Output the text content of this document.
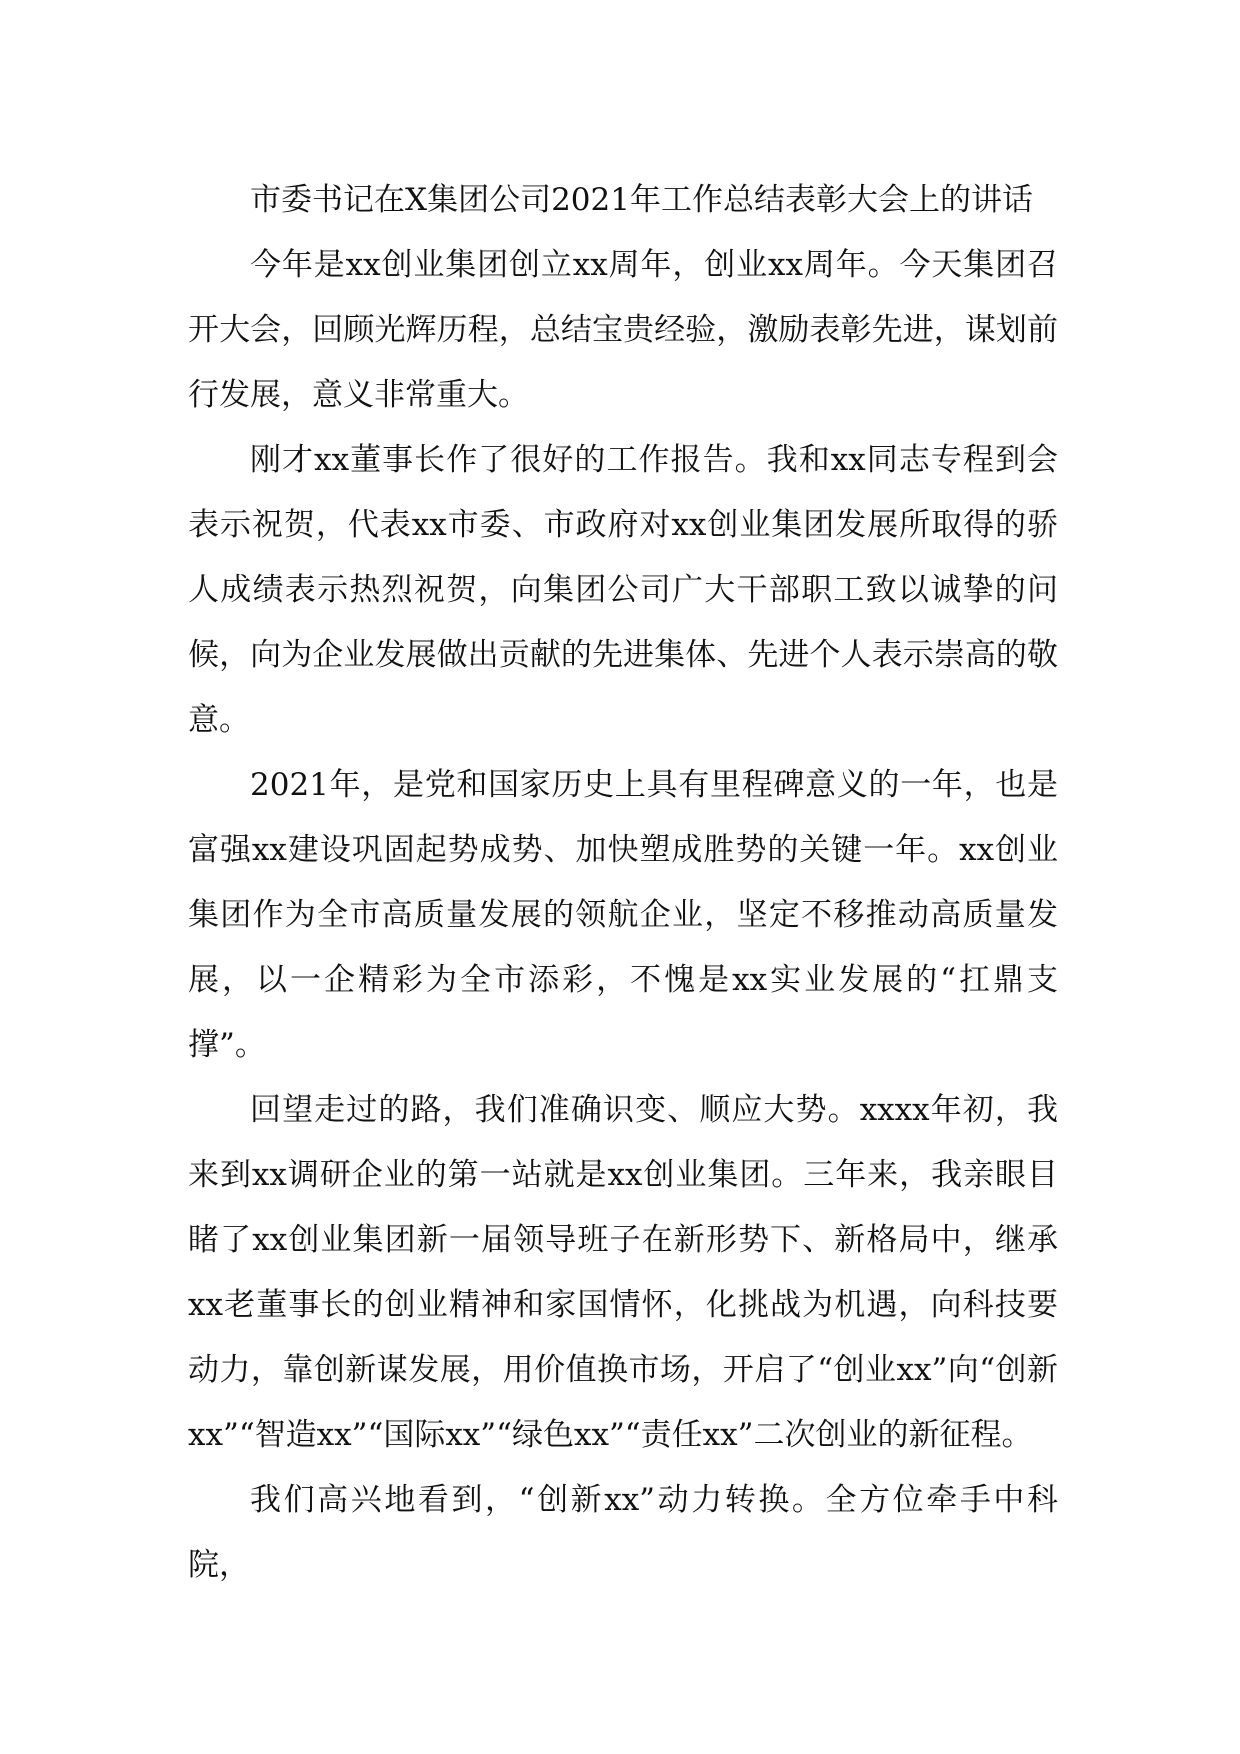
市委书记在X集团公司2021年工作总结表彰大会上的讲话

今年是xx创业集团创立xx周年，创业xx周年。今天集团召开大会，回顾光辉历程，总结宝贵经验，激励表彰先进，谋划前行发展，意义非常重大。

刚才xx董事长作了很好的工作报告。我和xx同志专程到会表示祝贺，代表xx市委、市政府对xx创业集团发展所取得的骄人成绩表示热烈祝贺，向集团公司广大干部职工致以诚挚的问候，向为企业发展做出贡献的先进集体、先进个人表示崇高的敬意。

2021年，是党和国家历史上具有里程碑意义的一年，也是富强xx建设巩固起势成势、加快塑成胜势的关键一年。xx创业集团作为全市高质量发展的领航企业，坚定不移推动高质量发展，以一企精彩为全市添彩，不愧是xx实业发展的“扛鼎支撑”。

回望走过的路，我们准确识变、顺应大势。xxxx年初，我来到xx调研企业的第一站就是xx创业集团。三年来，我亲眼目睹了xx创业集团新一届领导班子在新形势下、新格局中，继承xx老董事长的创业精神和家国情怀，化挑战为机遇，向科技要动力，靠创新谋发展，用价值换市场，开启了“创业xx”向“创新xx”“智造xx”“国际xx”“绿色xx”“责任xx”二次创业的新征程。

我们高兴地看到，“创新xx”动力转换。全方位牵手中科院，
